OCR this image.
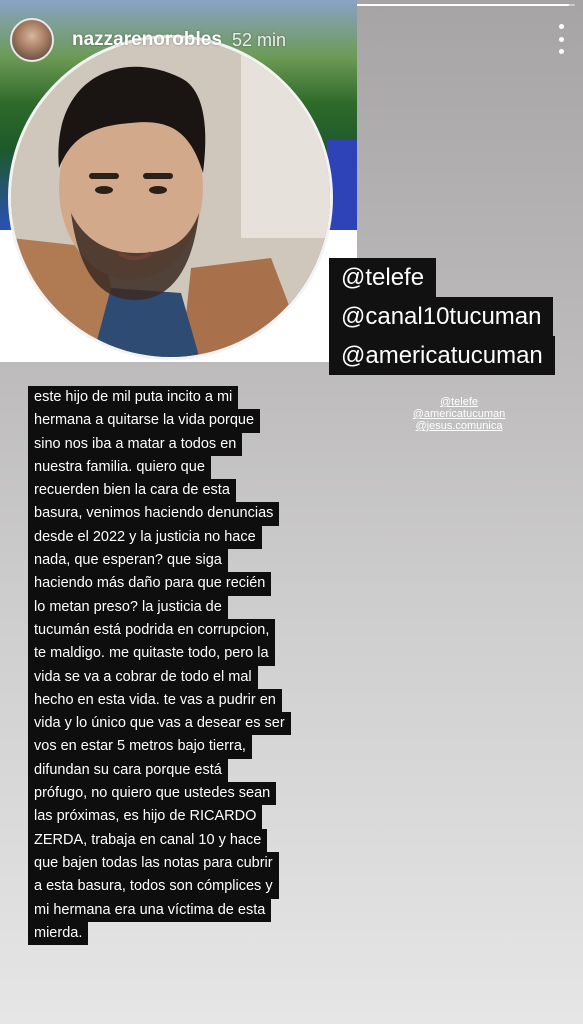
nazzarenorobles 52 min
@telefe
@canal10tucuman
@americatucuman
@telefe
@americatucuman
@jesus.comunica
este hijo de mil puta incito a mi
hermana a quitarse la vida porque
sino nos iba a matar a todos en
nuestra familia. quiero que
recuerden bien la cara de esta
basura, venimos haciendo denuncias
desde el 2022 y la justicia no hace
nada, que esperan? que siga
haciendo más daño para que recién
lo metan preso? la justicia de
tucumán está podrida en corrupcion,
te maldigo. me quitaste todo, pero la
vida se va a cobrar de todo el mal
hecho en esta vida. te vas a pudrir en
vida y lo único que vas a desear es ser
vos en estar 5 metros bajo tierra,
difundan su cara porque está
prófugo, no quiero que ustedes sean
las próximas, es hijo de RICARDO
ZERDA, trabaja en canal 10 y hace
que bajen todas las notas para cubrir
a esta basura, todos son cómplices y
mi hermana era una víctima de esta
mierda.
